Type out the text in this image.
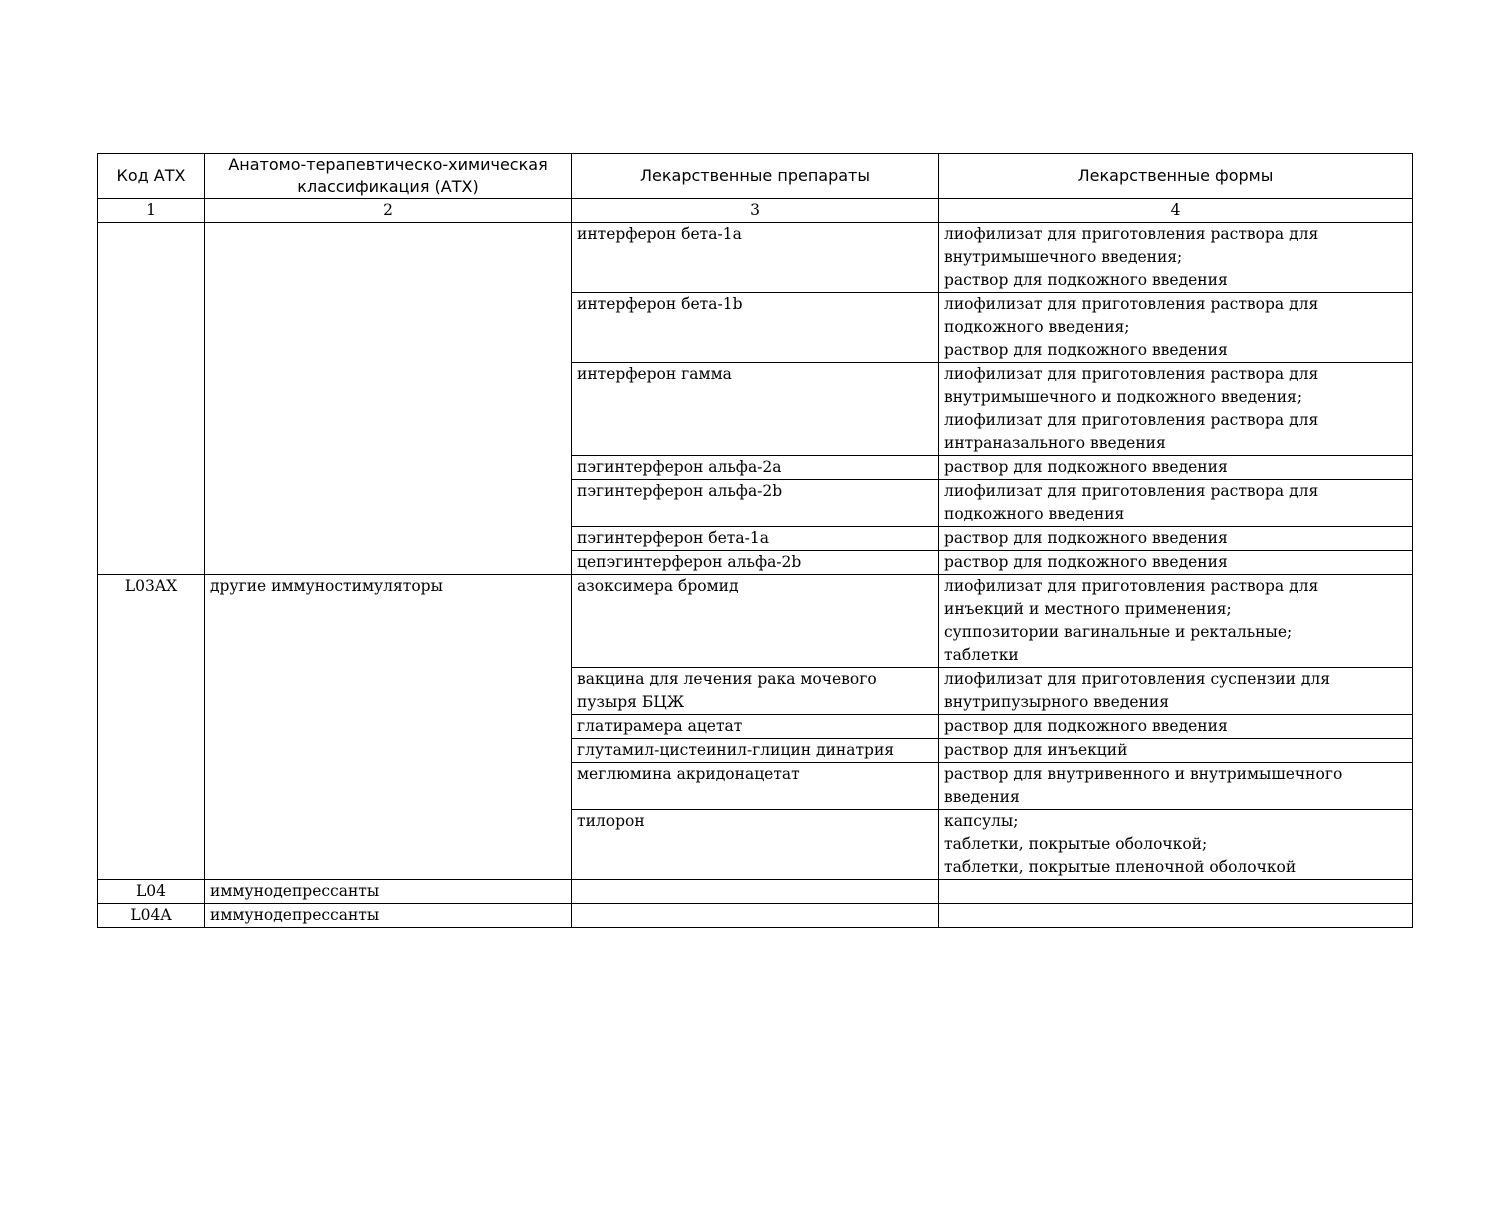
Код АТХ	Анатомо-терапевтическо-химическая классификация (АТХ)	Лекарственные препараты	Лекарственные формы
1	2	3	4
		интерферон бета-1a	лиофилизат для приготовления раствора для
внутримышечного введения;
раствор для подкожного введения

		интерферон бета-1b	лиофилизат для приготовления раствора для
подкожного введения;
раствор для подкожного введения

		интерферон гамма	лиофилизат для приготовления раствора для
внутримышечного и подкожного введения;
лиофилизат для приготовления раствора для
интраназального введения

		пэгинтерферон альфа-2a	раствор для подкожного введения

		пэгинтерферон альфа-2b	лиофилизат для приготовления раствора для
подкожного введения

		пэгинтерферон бета-1a	раствор для подкожного введения

		цепэгинтерферон альфа-2b	раствор для подкожного введения

L03AX	другие иммуностимуляторы	азоксимера бромид	лиофилизат для приготовления раствора для
инъекций и местного применения;
суппозитории вагинальные и ректальные;
таблетки

		вакцина для лечения рака мочевого пузыря БЦЖ	лиофилизат для приготовления суспензии для
внутрипузырного введения

		глатирамера ацетат	раствор для подкожного введения

		глутамил-цистеинил-глицин динатрия	раствор для инъекций

		меглюмина акридонацетат	раствор для внутривенного и внутримышечного
введения

		тилорон	капсулы;
таблетки, покрытые оболочкой;
таблетки, покрытые пленочной оболочкой

L04	иммунодепрессанты		
L04A	иммунодепрессанты		
